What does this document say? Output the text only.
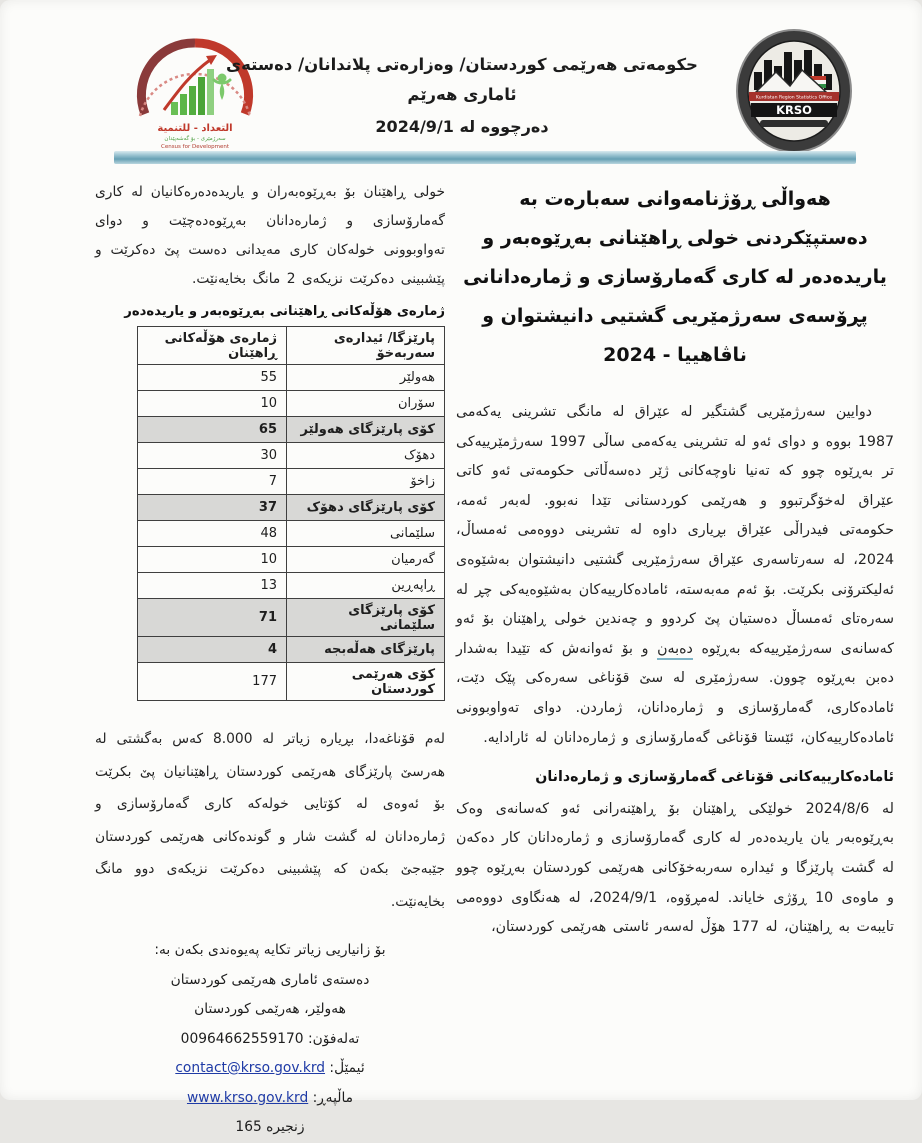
التعداد - للتنمية
سەرژمێری - بۆ گەشەپێدان
Census for Development
حکومەتی هەرێمی کوردستان/ وەزارەتی پلاندانان/ دەستەی ئاماری هەرێم
دەرچووە لە 2024/9/1
Kurdistan Region Statistics Office
KRSO
هەواڵی ڕۆژنامەوانی سەبارەت بە
دەستپێکردنی خولی ڕاهێنانی بەڕێوەبەر و
یاریدەدەر لە کاری گەمارۆسازی و ژمارەدانانی
پڕۆسەی سەرژمێریی گشتیی دانیشتوان و
ناڤاهییا - 2024

دوایین سەرژمێریی گشتگیر لە عێراق لە مانگی تشرینی یەکەمی 1987 بووە و دوای ئەو لە تشرینی یەکەمی ساڵی 1997 سەرژمێرییەکی تر بەڕێوە چوو کە تەنیا ناوچەکانی ژێر دەسەڵاتی حکومەتی ئەو کاتی عێراق لەخۆگرتبوو و هەرێمی کوردستانی تێدا نەبوو. لەبەر ئەمە، حکومەتی فیدراڵی عێراق بڕیاری داوە لە تشرینی دووەمی ئەمساڵ، 2024، لە سەرتاسەری عێراق سەرژمێریی گشتیی دانیشتوان بەشێوەی ئەلیکترۆنی بکرێت. بۆ ئەم مەبەستە، ئامادەکارییەکان بەشێوەیەکی چڕ لە سەرەتای ئەمساڵ دەستیان پێ کردوو و چەندین خولی ڕاهێنان بۆ ئەو کەسانەی سەرژمێرییەکە بەڕێوە دەبەن و بۆ ئەوانەش کە تێیدا بەشدار دەبن بەڕێوە چوون. سەرژمێری لە سێ قۆناغی سەرەکی پێک دێت، ئامادەکاری، گەمارۆسازی و ژمارەدانان، ژماردن. دوای تەواوبوونی ئامادەکارییەکان، ئێستا قۆناغی گەمارۆسازی و ژمارەدانان لە ئارادایە.

ئامادەکارییەکانی قۆناغی گەمارۆسازی و ژمارەدانان

لە 2024/8/6 خولێکی ڕاهێنان بۆ ڕاهێنەرانی ئەو کەسانەی وەک بەڕێوەبەر یان یاریدەدەر لە کاری گەمارۆسازی و ژمارەدانان کار دەکەن لە گشت پارێزگا و ئیدارە سەربەخۆکانی هەرێمی کوردستان بەڕێوە چوو و ماوەی 10 ڕۆژی خایاند. لەمڕۆوە، 2024/9/1، لە هەنگاوی دووەمی تایبەت بە ڕاهێنان، لە 177 هۆڵ لەسەر ئاستی هەرێمی کوردستان،

خولی ڕاهێنان بۆ بەڕێوەبەران و یاریدەدەرەکانیان لە کاری گەمارۆسازی و ژمارەدانان بەڕێوەدەچێت و دوای تەواوبوونی خولەکان کاری مەیدانی دەست پێ دەکرێت و پێشبینی دەکرێت نزیکەی 2 مانگ بخایەنێت.

ژمارەی هۆڵەکانی ڕاهێنانی بەڕێوەبەر و یاریدەدەر
پارێزگا/ ئیدارەی سەربەخۆ	ژمارەی هۆڵەکانی ڕاهێنان
هەولێر	55
سۆران	10
کۆی پارێزگای هەولێر	65
دهۆک	30
زاخۆ	7
کۆی پارێزگای دهۆک	37
سلێمانی	48
گەرمیان	10
ڕاپەڕین	13
کۆی پارێزگای سلێمانی	71
پارێزگای هەڵەبجە	4
کۆی هەرێمی کوردستان	177

لەم قۆناغەدا، بڕیارە زیاتر لە 8.000 کەس بەگشتی لە هەرسێ پارێزگای هەرێمی کوردستان ڕاهێنانیان پێ بکرێت بۆ ئەوەی لە کۆتایی خولەکە کاری گەمارۆسازی و ژمارەدانان لە گشت شار و گوندەکانی هەرێمی کوردستان جێبەجێ بکەن کە پێشبینی دەکرێت نزیکەی دوو مانگ بخایەنێت.

بۆ زانیاریی زیاتر تکایە پەیوەندی بکەن بە:
دەستەی ئاماری هەرێمی کوردستان
هەولێر، هەرێمی کوردستان
تەلەفۆن: 00964662559170
ئیمێڵ: contact@krso.gov.krd
ماڵپەڕ: www.krso.gov.krd
زنجیرە 165
